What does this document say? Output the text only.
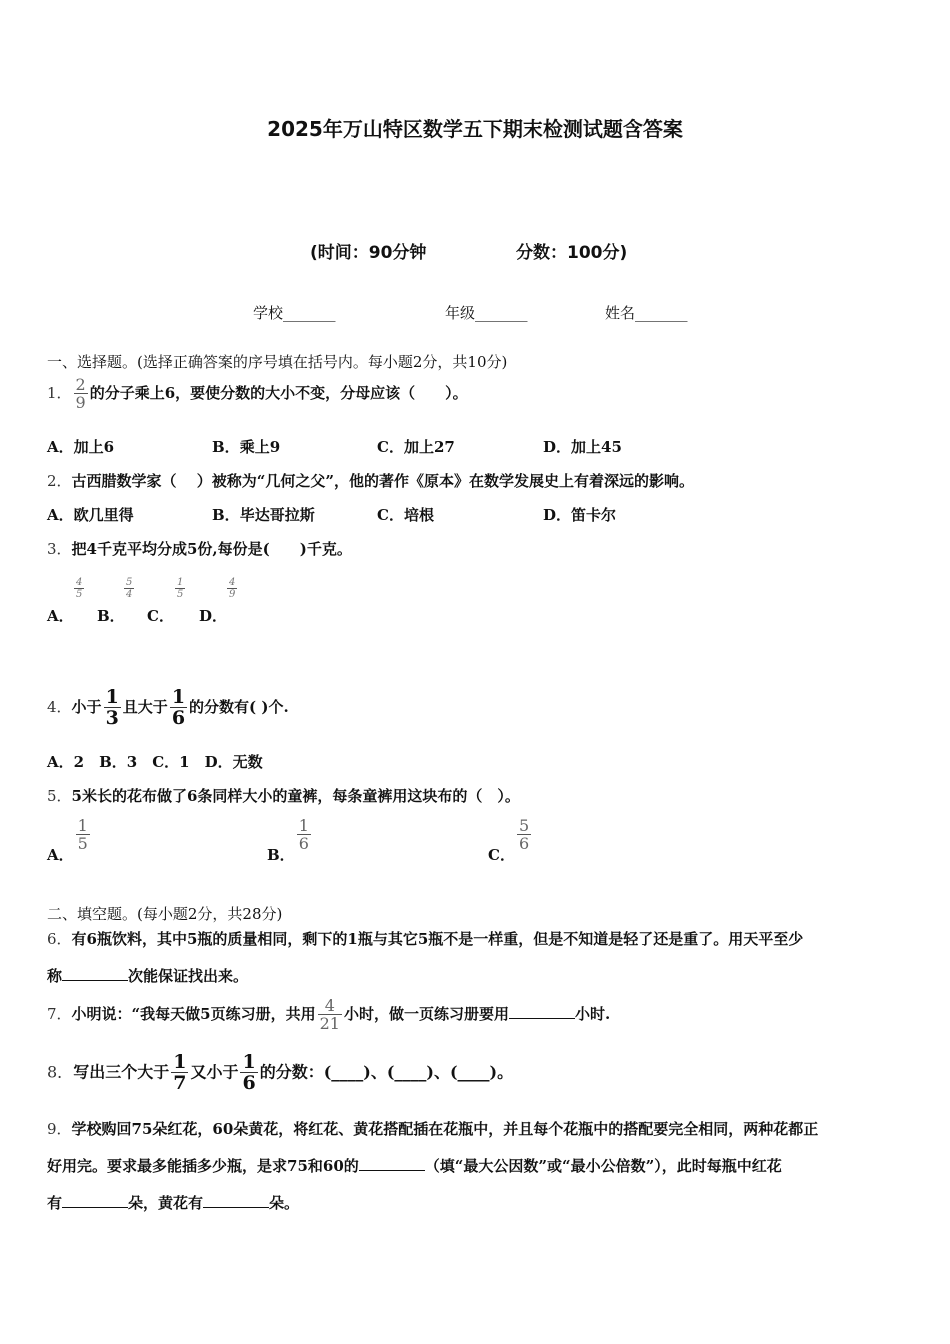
2025年万山特区数学五下期末检测试题含答案
(时间：90分钟	分数：100分)
学校_______	年级_______	姓名_______
一、选择题。(选择正确答案的序号填在括号内。每小题2分，共10分)
1． $\frac{2}{9}$ 的分子乘上6，要使分数的大小不变，分母应该（　　）。
A．加上6	B．乘上9	C．加上27	D．加上45
2．古西腊数学家（　 ）被称为“几何之父”，他的著作《原本》在数学发展史上有着深远的影响。
A．欧几里得	B．毕达哥拉斯	C．培根	D．笛卡尔
3．把4千克平均分成5份,每份是(　　)千克。
A．
$\frac{4}{5}$
B．
$\frac{5}{4}$
C．
$\frac{1}{5}$
D．
$\frac{4}{9}$
4．小于 $\frac{1}{3}$ 且大于 $\frac{1}{6}$ 的分数有( )个.
A．2　B．3　C．1　D．无数
5．5米长的花布做了6条同样大小的童裤，每条童裤用这块布的（　）。
A．
$\frac{1}{5}$
B．
$\frac{1}{6}$
C．
$\frac{5}{6}$
二、填空题。(每小题2分，共28分)
6．有6瓶饮料，其中5瓶的质量相同，剩下的1瓶与其它5瓶不是一样重，但是不知道是轻了还是重了。用天平至少
称	次能保证找出来。
7．小明说：“我每天做5页练习册，共用 $\frac{4}{21}$ 小时，做一页练习册要用	小时.
8．写出三个大于 $\frac{1}{7}$ 又小于 $\frac{1}{6}$ 的分数：(____)、(____)、(____)。
9．学校购回75朵红花，60朵黄花，将红花、黄花搭配插在花瓶中，并且每个花瓶中的搭配要完全相同，两种花都正
好用完。要求最多能插多少瓶，是求75和60的	（填“最大公因数”或“最小公倍数”），此时每瓶中红花
有	朵，黄花有	朵。
